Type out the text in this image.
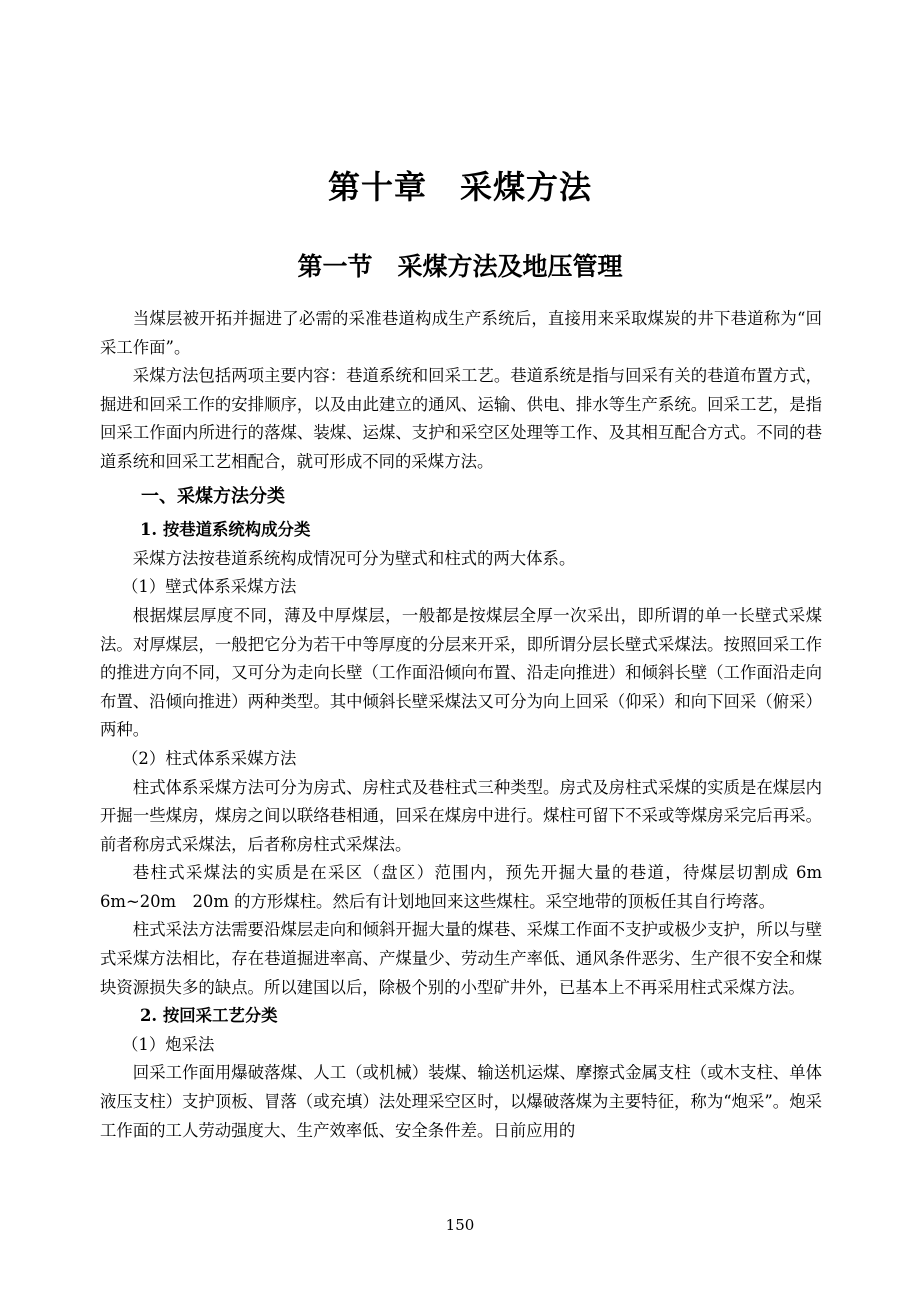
第十章　采煤方法
第一节　采煤方法及地压管理

当煤层被开拓并掘进了必需的采准巷道构成生产系统后，直接用来采取煤炭的井下巷道称为“回采工作面”。

采煤方法包括两项主要内容：巷道系统和回采工艺。巷道系统是指与回采有关的巷道布置方式，掘进和回采工作的安排顺序，以及由此建立的通风、运输、供电、排水等生产系统。回采工艺，是指回采工作面内所进行的落煤、装煤、运煤、支护和采空区处理等工作、及其相互配合方式。不同的巷道系统和回采工艺相配合，就可形成不同的采煤方法。

一、采煤方法分类

1. 按巷道系统构成分类

采煤方法按巷道系统构成情况可分为壁式和柱式的两大体系。

（1）壁式体系采煤方法

根据煤层厚度不同，薄及中厚煤层，一般都是按煤层全厚一次采出，即所谓的单一长壁式采煤法。对厚煤层，一般把它分为若干中等厚度的分层来开采，即所谓分层长壁式采煤法。按照回采工作的推进方向不同，又可分为走向长壁（工作面沿倾向布置、沿走向推进）和倾斜长壁（工作面沿走向布置、沿倾向推进）两种类型。其中倾斜长壁采煤法又可分为向上回采（仰采）和向下回采（俯采）两种。

（2）柱式体系采媒方法

柱式体系采煤方法可分为房式、房柱式及巷柱式三种类型。房式及房柱式采煤的实质是在煤层内开掘一些煤房，煤房之间以联络巷相通，回采在煤房中进行。煤柱可留下不采或等煤房采完后再采。前者称房式采煤法，后者称房柱式采煤法。

巷柱式采煤法的实质是在采区（盘区）范围内，预先开掘大量的巷道，待煤层切割成 6m　　6m~20m　20m 的方形煤柱。然后有计划地回来这些煤柱。采空地带的顶板任其自行垮落。

柱式采法方法需要沿煤层走向和倾斜开掘大量的煤巷、采煤工作面不支护或极少支护，所以与壁式采煤方法相比，存在巷道掘进率高、产煤量少、劳动生产率低、通风条件恶劣、生产很不安全和煤块资源损失多的缺点。所以建国以后，除极个别的小型矿井外，已基本上不再采用柱式采煤方法。

2. 按回采工艺分类

（1）炮采法

回采工作面用爆破落煤、人工（或机械）装煤、输送机运煤、摩擦式金属支柱（或木支柱、单体液压支柱）支护顶板、冒落（或充填）法处理采空区时，以爆破落煤为主要特征，称为“炮采”。炮采工作面的工人劳动强度大、生产效率低、安全条件差。日前应用的

150
